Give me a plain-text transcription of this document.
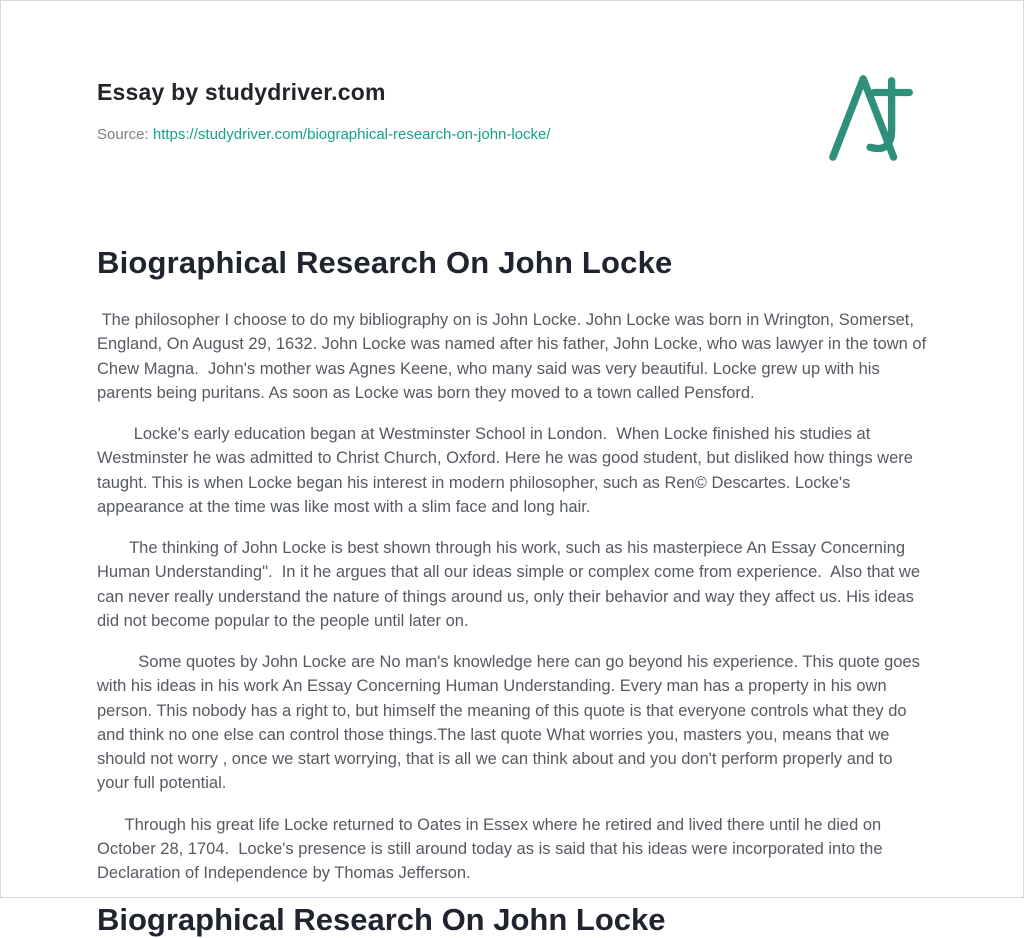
Essay by studydriver.com
Source: https://studydriver.com/biographical-research-on-john-locke/
Biographical Research On John Locke

The philosopher I choose to do my bibliography on is John Locke. John Locke was born in Wrington, Somerset, England, On August 29, 1632. John Locke was named after his father, John Locke, who was lawyer in the town of Chew Magna.  John's mother was Agnes Keene, who many said was very beautiful. Locke grew up with his parents being puritans. As soon as Locke was born they moved to a town called Pensford.

Locke's early education began at Westminster School in London.  When Locke finished his studies at Westminster he was admitted to Christ Church, Oxford. Here he was good student, but disliked how things were taught. This is when Locke began his interest in modern philosopher, such as Ren© Descartes. Locke's appearance at the time was like most with a slim face and long hair.

The thinking of John Locke is best shown through his work, such as his masterpiece An Essay Concerning Human Understanding".  In it he argues that all our ideas simple or complex come from experience.  Also that we can never really understand the nature of things around us, only their behavior and way they affect us. His ideas did not become popular to the people until later on.

Some quotes by John Locke are No man's knowledge here can go beyond his experience. This quote goes with his ideas in his work An Essay Concerning Human Understanding. Every man has a property in his own person. This nobody has a right to, but himself the meaning of this quote is that everyone controls what they do and think no one else can control those things.The last quote What worries you, masters you, means that we should not worry , once we start worrying, that is all we can think about and you don't perform properly and to your full potential.

Through his great life Locke returned to Oates in Essex where he retired and lived there until he died on October 28, 1704.  Locke's presence is still around today as is said that his ideas were incorporated into the Declaration of Independence by Thomas Jefferson.

Biographical Research On John Locke
